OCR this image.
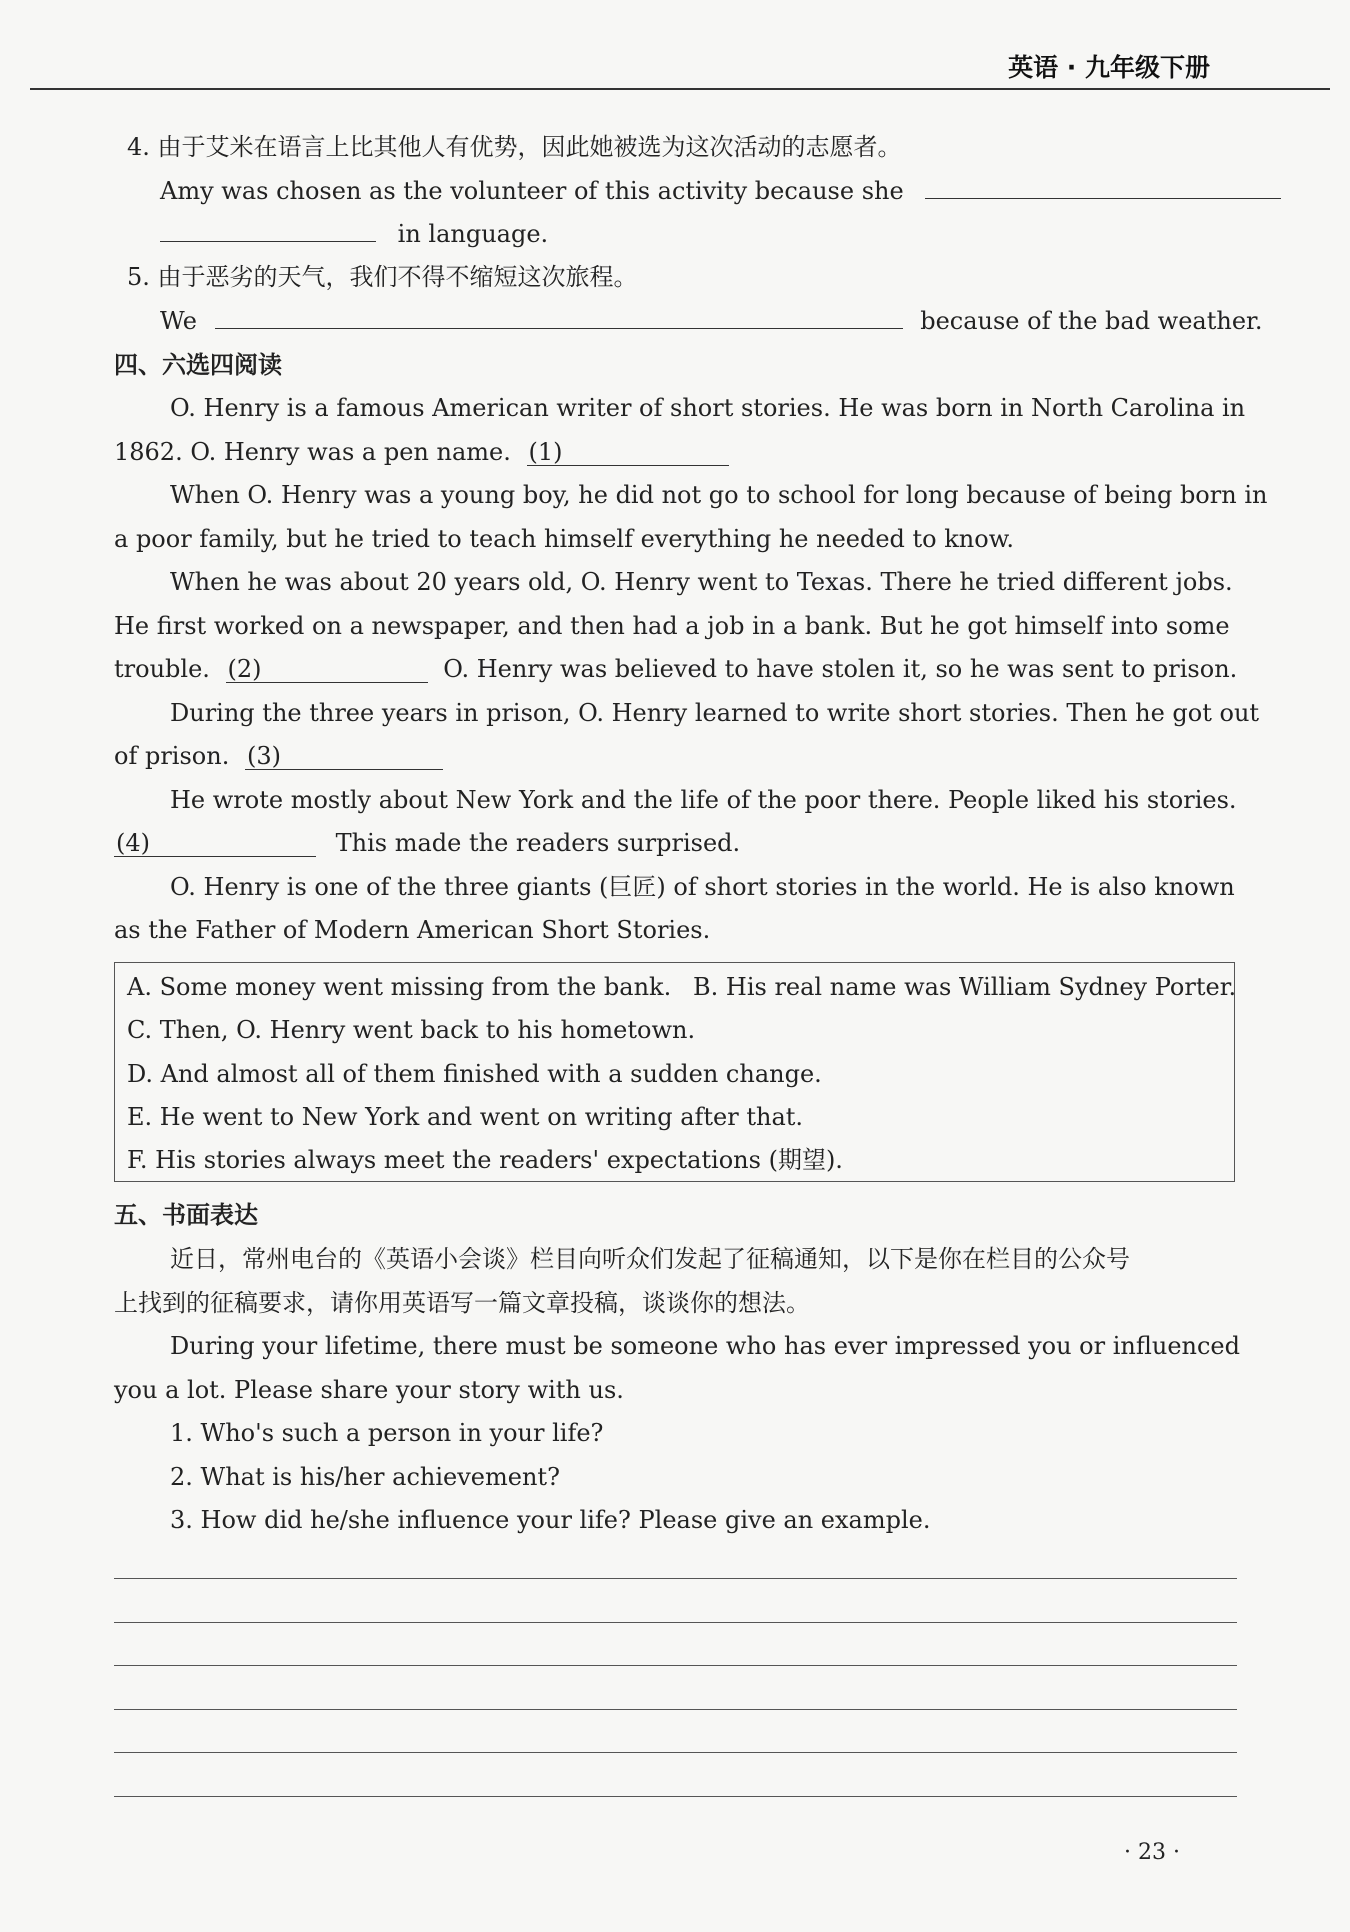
英语 · 九年级下册
4. 由于艾米在语言上比其他人有优势，因此她被选为这次活动的志愿者。
Amy was chosen as the volunteer of this activity because she
in language.
5. 由于恶劣的天气，我们不得不缩短这次旅程。
We	because of the bad weather.
四、六选四阅读
O. Henry is a famous American writer of short stories. He was born in North Carolina in
1862. O. Henry was a pen name. (1)
When O. Henry was a young boy, he did not go to school for long because of being born in
a poor family, but he tried to teach himself everything he needed to know.
When he was about 20 years old, O. Henry went to Texas. There he tried different jobs.
He first worked on a newspaper, and then had a job in a bank. But he got himself into some
trouble. (2)	O. Henry was believed to have stolen it, so he was sent to prison.
During the three years in prison, O. Henry learned to write short stories. Then he got out
of prison. (3)
He wrote mostly about New York and the life of the poor there. People liked his stories.
(4)	This made the readers surprised.
O. Henry is one of the three giants (巨匠) of short stories in the world. He is also known
as the Father of Modern American Short Stories.
A. Some money went missing from the bank. B. His real name was William Sydney Porter.
C. Then, O. Henry went back to his hometown.
D. And almost all of them finished with a sudden change.
E. He went to New York and went on writing after that.
F. His stories always meet the readers' expectations (期望).
五、书面表达
近日，常州电台的《英语小会谈》栏目向听众们发起了征稿通知，以下是你在栏目的公众号
上找到的征稿要求，请你用英语写一篇文章投稿，谈谈你的想法。
During your lifetime, there must be someone who has ever impressed you or influenced
you a lot. Please share your story with us.
1. Who's such a person in your life?
2. What is his/her achievement?
3. How did he/she influence your life? Please give an example.
· 23 ·
